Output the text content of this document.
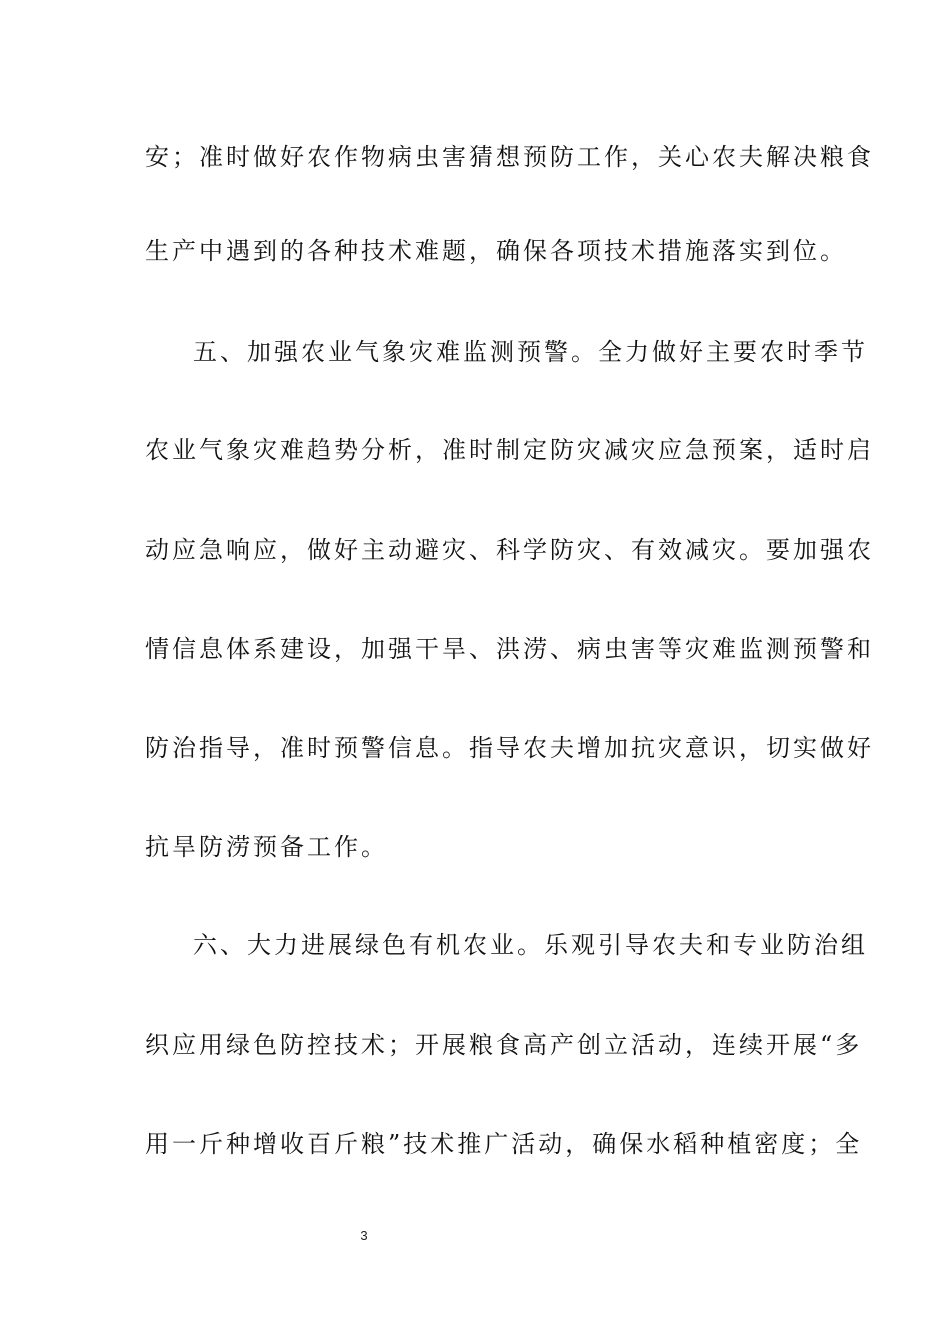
安；准时做好农作物病虫害猜想预防工作，关心农夫解决粮食
生产中遇到的各种技术难题，确保各项技术措施落实到位。
五、加强农业气象灾难监测预警。全力做好主要农时季节
农业气象灾难趋势分析，准时制定防灾减灾应急预案，适时启
动应急响应，做好主动避灾、科学防灾、有效减灾。要加强农
情信息体系建设，加强干旱、洪涝、病虫害等灾难监测预警和
防治指导，准时预警信息。指导农夫增加抗灾意识，切实做好
抗旱防涝预备工作。
六、大力进展绿色有机农业。乐观引导农夫和专业防治组
织应用绿色防控技术；开展粮食高产创立活动，连续开展“多
用一斤种增收百斤粮”技术推广活动，确保水稻种植密度；全
3
